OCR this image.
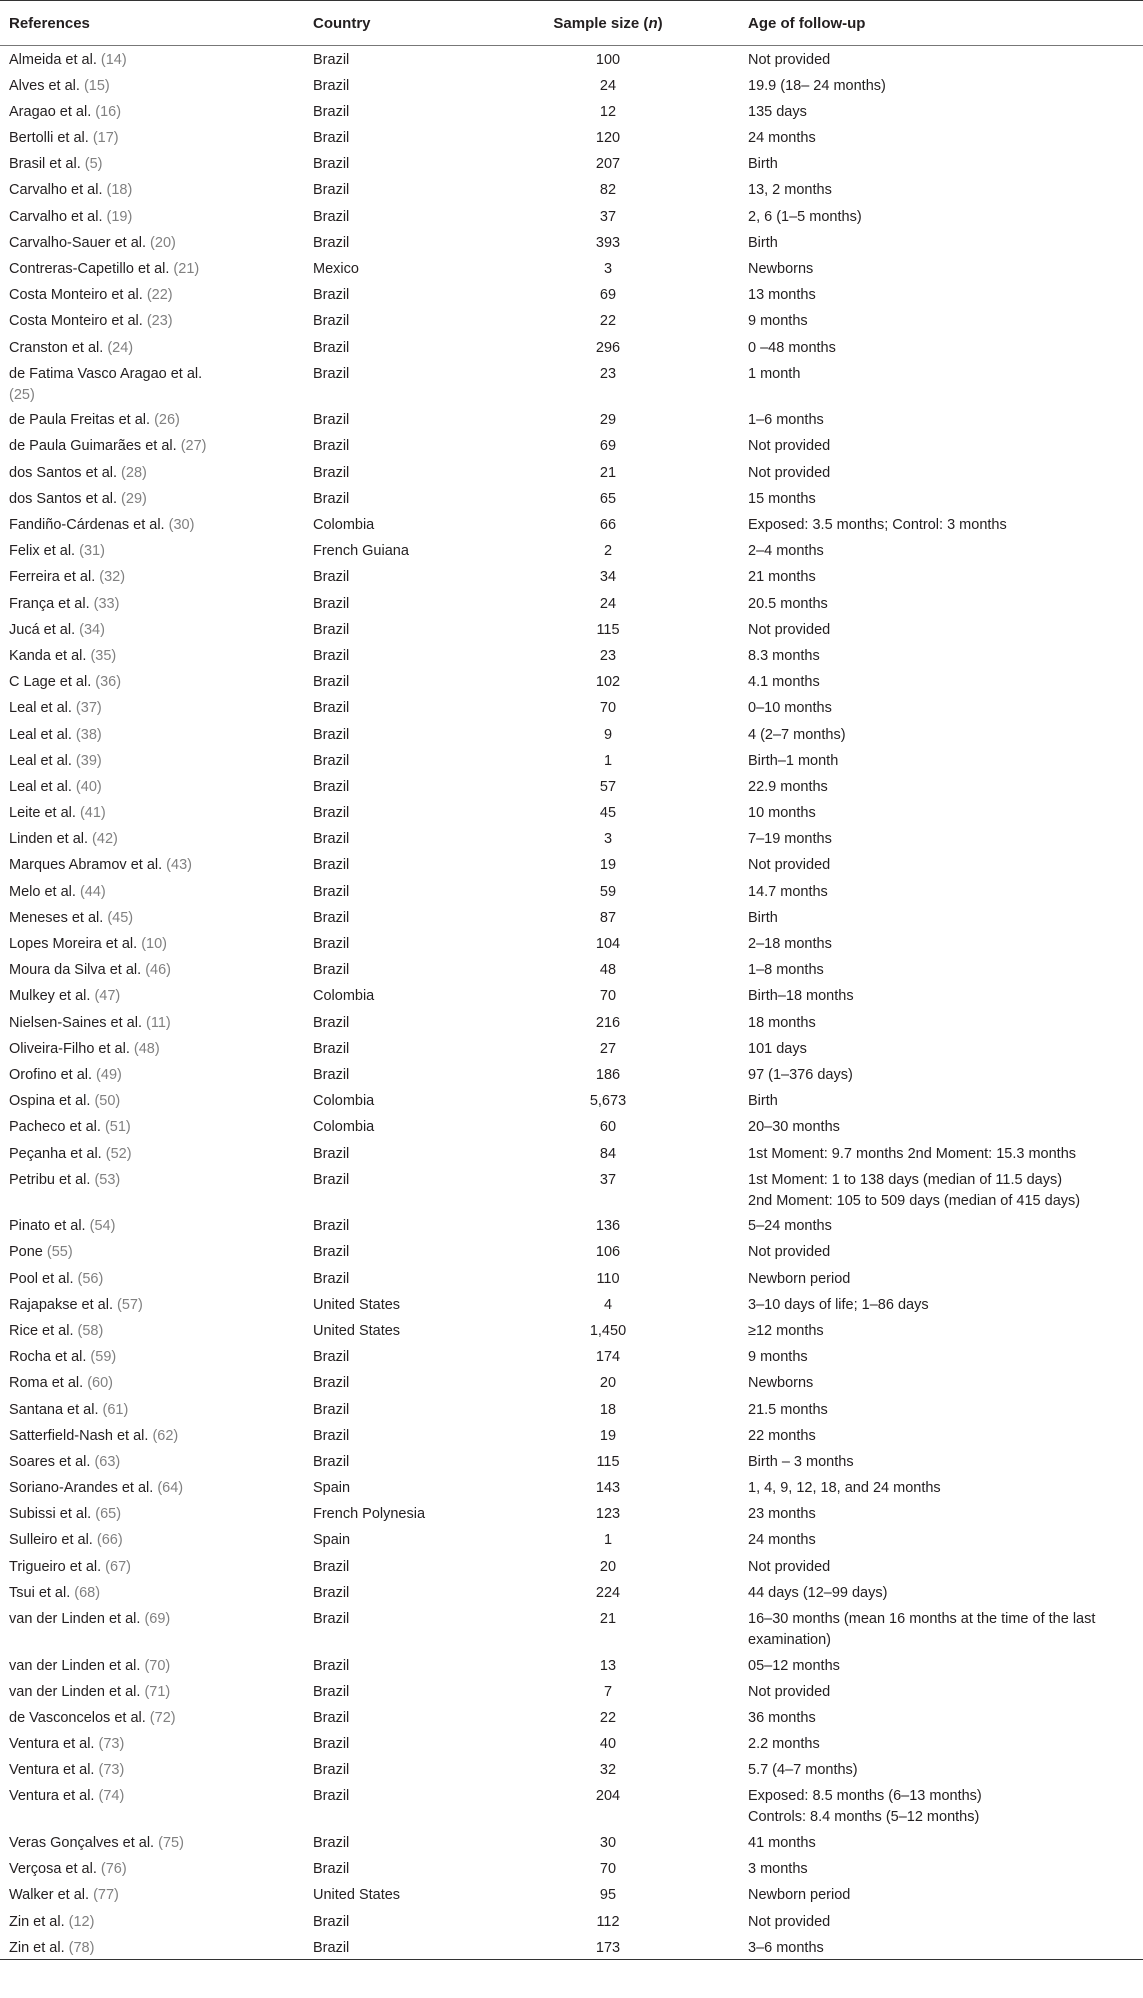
References	Country	Sample size (n)	Age of follow-up
Almeida et al. (14)	Brazil	100	Not provided
Alves et al. (15)	Brazil	24	19.9 (18– 24 months)
Aragao et al. (16)	Brazil	12	135 days
Bertolli et al. (17)	Brazil	120	24 months
Brasil et al. (5)	Brazil	207	Birth
Carvalho et al. (18)	Brazil	82	13, 2 months
Carvalho et al. (19)	Brazil	37	2, 6 (1–5 months)
Carvalho-Sauer et al. (20)	Brazil	393	Birth
Contreras-Capetillo et al. (21)	Mexico	3	Newborns
Costa Monteiro et al. (22)	Brazil	69	13 months
Costa Monteiro et al. (23)	Brazil	22	9 months
Cranston et al. (24)	Brazil	296	0 –48 months
de Fatima Vasco Aragao et al.
(25)	Brazil	23	1 month
de Paula Freitas et al. (26)	Brazil	29	1–6 months
de Paula Guimarães et al. (27)	Brazil	69	Not provided
dos Santos et al. (28)	Brazil	21	Not provided
dos Santos et al. (29)	Brazil	65	15 months
Fandiño-Cárdenas et al. (30)	Colombia	66	Exposed: 3.5 months; Control: 3 months
Felix et al. (31)	French Guiana	2	2–4 months
Ferreira et al. (32)	Brazil	34	21 months
França et al. (33)	Brazil	24	20.5 months
Jucá et al. (34)	Brazil	115	Not provided
Kanda et al. (35)	Brazil	23	8.3 months
C Lage et al. (36)	Brazil	102	4.1 months
Leal et al. (37)	Brazil	70	0–10 months
Leal et al. (38)	Brazil	9	4 (2–7 months)
Leal et al. (39)	Brazil	1	Birth–1 month
Leal et al. (40)	Brazil	57	22.9 months
Leite et al. (41)	Brazil	45	10 months
Linden et al. (42)	Brazil	3	7–19 months
Marques Abramov et al. (43)	Brazil	19	Not provided
Melo et al. (44)	Brazil	59	14.7 months
Meneses et al. (45)	Brazil	87	Birth
Lopes Moreira et al. (10)	Brazil	104	2–18 months
Moura da Silva et al. (46)	Brazil	48	1–8 months
Mulkey et al. (47)	Colombia	70	Birth–18 months
Nielsen-Saines et al. (11)	Brazil	216	18 months
Oliveira-Filho et al. (48)	Brazil	27	101 days
Orofino et al. (49)	Brazil	186	97 (1–376 days)
Ospina et al. (50)	Colombia	5,673	Birth
Pacheco et al. (51)	Colombia	60	20–30 months
Peçanha et al. (52)	Brazil	84	1st Moment: 9.7 months 2nd Moment: 15.3 months
Petribu et al. (53)	Brazil	37	1st Moment: 1 to 138 days (median of 11.5 days)
2nd Moment: 105 to 509 days (median of 415 days)
Pinato et al. (54)	Brazil	136	5–24 months
Pone (55)	Brazil	106	Not provided
Pool et al. (56)	Brazil	110	Newborn period
Rajapakse et al. (57)	United States	4	3–10 days of life; 1–86 days
Rice et al. (58)	United States	1,450	≥12 months
Rocha et al. (59)	Brazil	174	9 months
Roma et al. (60)	Brazil	20	Newborns
Santana et al. (61)	Brazil	18	21.5 months
Satterfield-Nash et al. (62)	Brazil	19	22 months
Soares et al. (63)	Brazil	115	Birth – 3 months
Soriano-Arandes et al. (64)	Spain	143	1, 4, 9, 12, 18, and 24 months
Subissi et al. (65)	French Polynesia	123	23 months
Sulleiro et al. (66)	Spain	1	24 months
Trigueiro et al. (67)	Brazil	20	Not provided
Tsui et al. (68)	Brazil	224	44 days (12–99 days)
van der Linden et al. (69)	Brazil	21	16–30 months (mean 16 months at the time of the last
examination)
van der Linden et al. (70)	Brazil	13	05–12 months
van der Linden et al. (71)	Brazil	7	Not provided
de Vasconcelos et al. (72)	Brazil	22	36 months
Ventura et al. (73)	Brazil	40	2.2 months
Ventura et al. (73)	Brazil	32	5.7 (4–7 months)
Ventura et al. (74)	Brazil	204	Exposed: 8.5 months (6–13 months)
Controls: 8.4 months (5–12 months)
Veras Gonçalves et al. (75)	Brazil	30	41 months
Verçosa et al. (76)	Brazil	70	3 months
Walker et al. (77)	United States	95	Newborn period
Zin et al. (12)	Brazil	112	Not provided
Zin et al. (78)	Brazil	173	3–6 months
